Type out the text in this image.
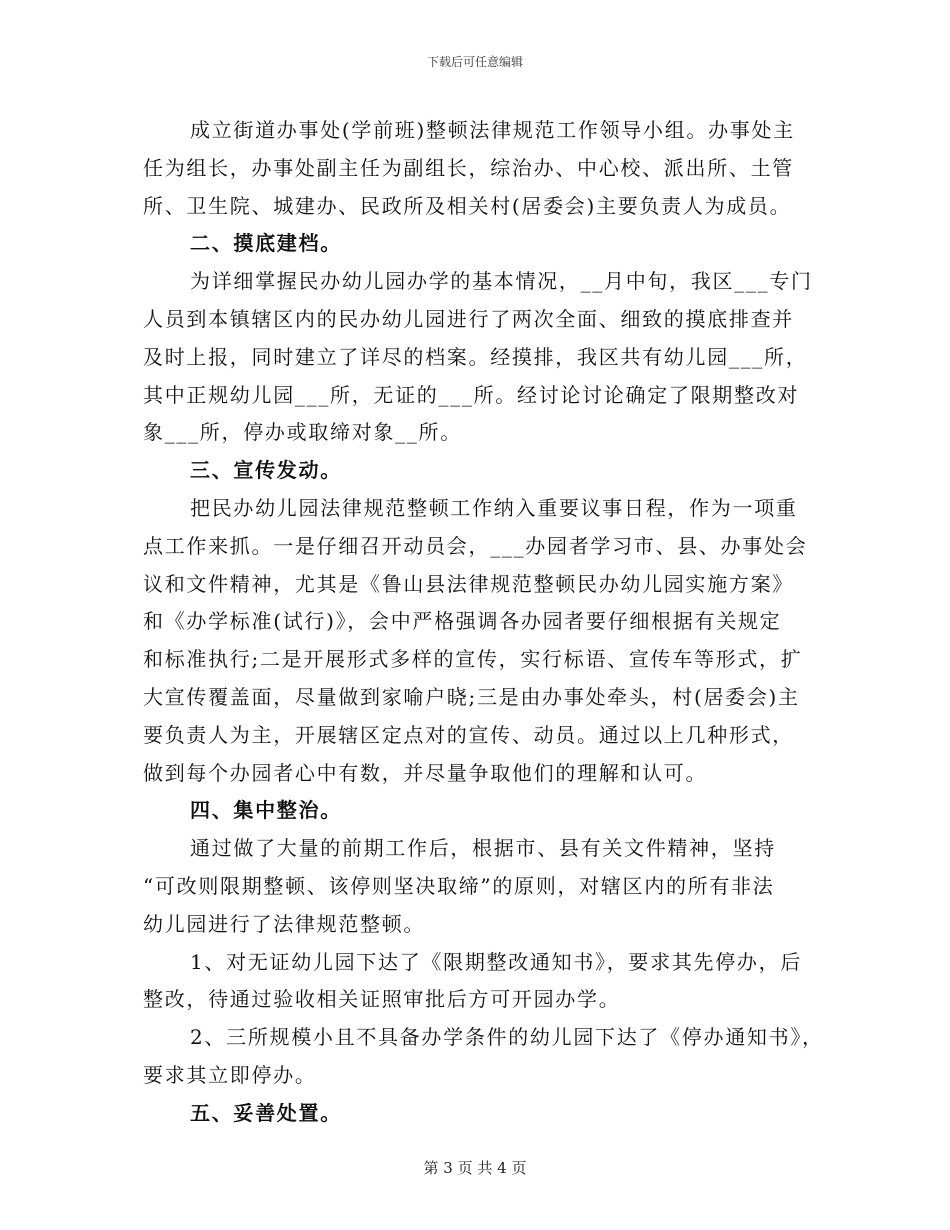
下载后可任意编辑
成立街道办事处(学前班)整顿法律规范工作领导小组。办事处主
任为组长，办事处副主任为副组长，综治办、中心校、派出所、土管
所、卫生院、城建办、民政所及相关村(居委会)主要负责人为成员。
二、摸底建档。
为详细掌握民办幼儿园办学的基本情况，__月中旬，我区___专门
人员到本镇辖区内的民办幼儿园进行了两次全面、细致的摸底排查并
及时上报，同时建立了详尽的档案。经摸排，我区共有幼儿园___所，
其中正规幼儿园___所，无证的___所。经讨论讨论确定了限期整改对
象___所，停办或取缔对象__所。
三、宣传发动。
把民办幼儿园法律规范整顿工作纳入重要议事日程，作为一项重
点工作来抓。一是仔细召开动员会，___办园者学习市、县、办事处会
议和文件精神，尤其是《鲁山县法律规范整顿民办幼儿园实施方案》
和《办学标准(试行)》，会中严格强调各办园者要仔细根据有关规定
和标准执行;二是开展形式多样的宣传，实行标语、宣传车等形式，扩
大宣传覆盖面，尽量做到家喻户晓;三是由办事处牵头，村(居委会)主
要负责人为主，开展辖区定点对的宣传、动员。通过以上几种形式，
做到每个办园者心中有数，并尽量争取他们的理解和认可。
四、集中整治。
通过做了大量的前期工作后，根据市、县有关文件精神，坚持
“可改则限期整顿、该停则坚决取缔”的原则，对辖区内的所有非法
幼儿园进行了法律规范整顿。
1、对无证幼儿园下达了《限期整改通知书》，要求其先停办，后
整改，待通过验收相关证照审批后方可开园办学。
2、三所规模小且不具备办学条件的幼儿园下达了《停办通知书》，
要求其立即停办。
五、妥善处置。
第 3 页 共 4 页
